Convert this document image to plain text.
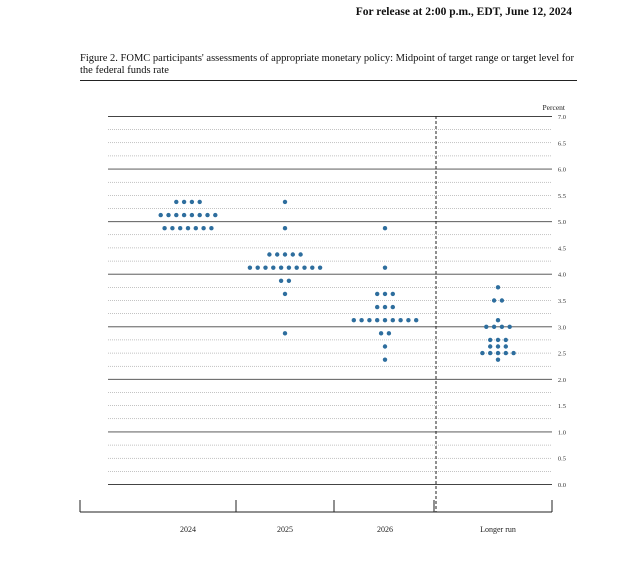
For release at 2:00 p.m., EDT, June 12, 2024
Figure 2. FOMC participants' assessments of appropriate monetary policy: Midpoint of target range or target level for the federal funds rate
7.0
6.5
6.0
5.5
5.0
4.5
4.0
3.5
3.0
2.5
2.0
1.5
1.0
0.5
0.0
Percent
2024	2025	2026	Longer run
